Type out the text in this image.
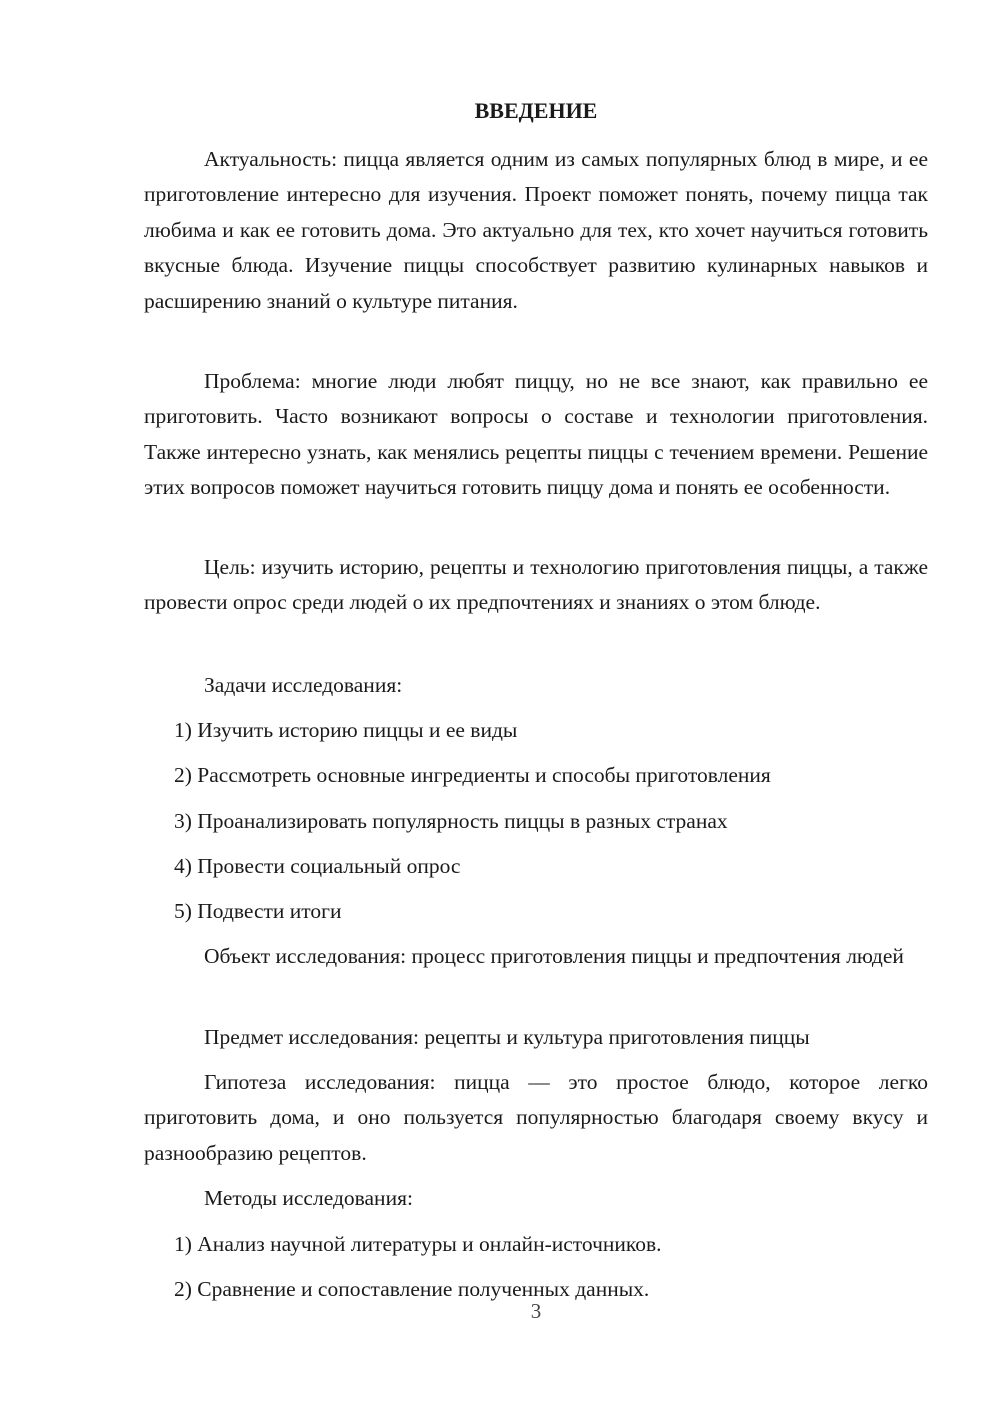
ВВЕДЕНИЕ

Актуальность: пицца является одним из самых популярных блюд в мире, и ее приготовление интересно для изучения. Проект поможет понять, почему пицца так любима и как ее готовить дома. Это актуально для тех, кто хочет научиться готовить вкусные блюда. Изучение пиццы способствует развитию кулинарных навыков и расширению знаний о культуре питания.

Проблема: многие люди любят пиццу, но не все знают, как правильно ее приготовить. Часто возникают вопросы о составе и технологии приготовления. Также интересно узнать, как менялись рецепты пиццы с течением времени. Решение этих вопросов поможет научиться готовить пиццу дома и понять ее особенности.

Цель: изучить историю, рецепты и технологию приготовления пиццы, а также провести опрос среди людей о их предпочтениях и знаниях о этом блюде.

Задачи исследования:

1) Изучить историю пиццы и ее виды

2) Рассмотреть основные ингредиенты и способы приготовления

3) Проанализировать популярность пиццы в разных странах

4) Провести социальный опрос

5) Подвести итоги

Объект исследования: процесс приготовления пиццы и предпочтения людей

Предмет исследования: рецепты и культура приготовления пиццы

Гипотеза исследования: пицца — это простое блюдо, которое легко приготовить дома, и оно пользуется популярностью благодаря своему вкусу и разнообразию рецептов.

Методы исследования:

1) Анализ научной литературы и онлайн-источников.

2) Сравнение и сопоставление полученных данных.

3
